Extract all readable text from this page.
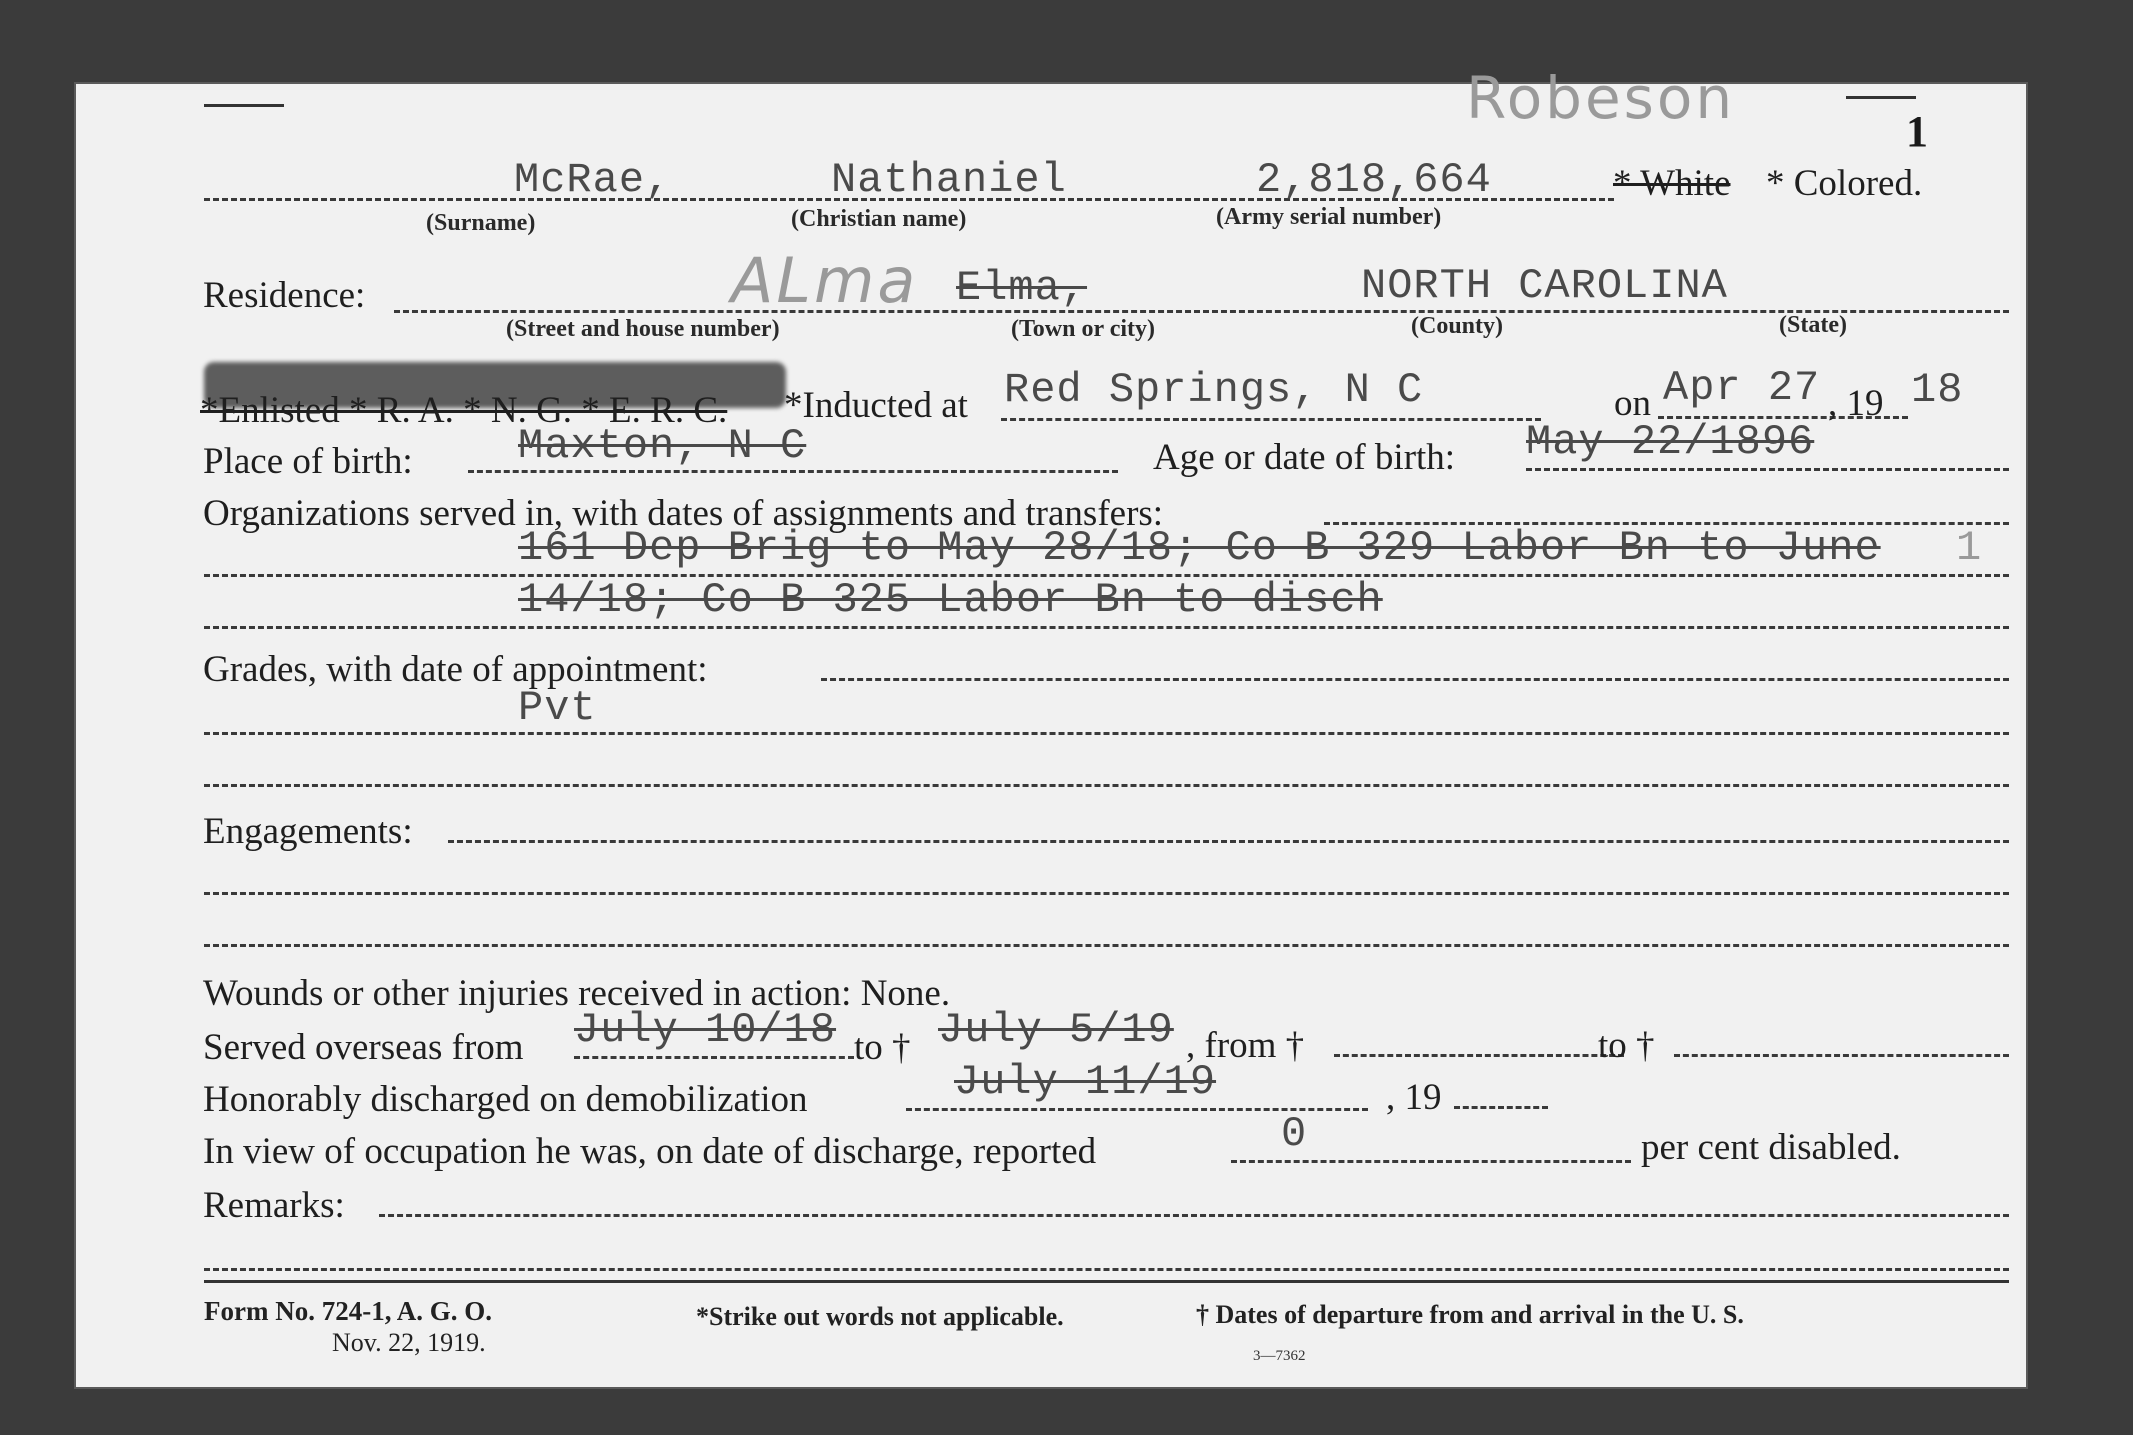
Robeson	1
McRae,	Nathaniel	2,818,664	* White * Colored.
(Surname)	(Christian name)	(Army serial number)
Residence:	ALma Elma,	NORTH CAROLINA
(Street and house number)	(Town or city)	(County)	(State)
*Enlisted * R. A. * N. G. * E. R. C. *Inducted at Red Springs, N C	on Apr 27 , 19 18
Place of birth:	Maxton, N C	Age or date of birth: May 22/1896
Organizations served in, with dates of assignments and transfers:
161 Dep Brig to May 28/18; Co B 329 Labor Bn to June 1
14/18; Co B 325 Labor Bn to disch
Grades, with date of appointment:
Pvt
Engagements:
Wounds or other injuries received in action: None.
Served overseas from July 10/18 to † July 5/19 , from †	to †
Honorably discharged on demobilization	July 11/19	, 19
In view of occupation he was, on date of discharge, reported	0	per cent disabled.
Remarks:
Form No. 724-1, A. G. O.
Nov. 22, 1919.
*Strike out words not applicable.	† Dates of departure from and arrival in the U. S.
3—7362
